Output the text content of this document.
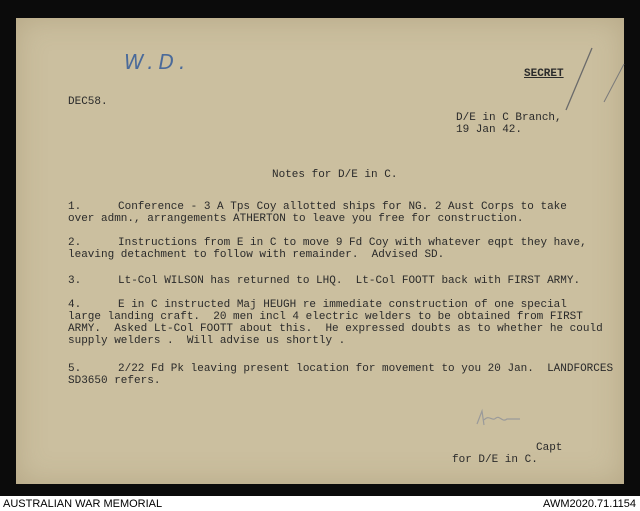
W.D.	SECRET
DEC58.
D/E in C Branch,
19 Jan 42.
Notes for D/E in C.
1.	Conference - 3 A Tps Coy allotted ships for NG. 2 Aust Corps to take
over admn., arrangements ATHERTON to leave you free for construction.
2.	Instructions from E in C to move 9 Fd Coy with whatever eqpt they have,
leaving detachment to follow with remainder.  Advised SD.
3.	Lt-Col WILSON has returned to LHQ.  Lt-Col FOOTT back with FIRST ARMY.
4.	E in C instructed Maj HEUGH re immediate construction of one special
large landing craft.  20 men incl 4 electric welders to be obtained from FIRST
ARMY.  Asked Lt-Col FOOTT about this.  He expressed doubts as to whether he could
supply welders .  Will advise us shortly .
5.	2/22 Fd Pk leaving present location for movement to you 20 Jan.  LANDFORCES
SD3650 refers.
Capt
for D/E in C.
AUSTRALIAN WAR MEMORIAL	AWM2020.71.1154
